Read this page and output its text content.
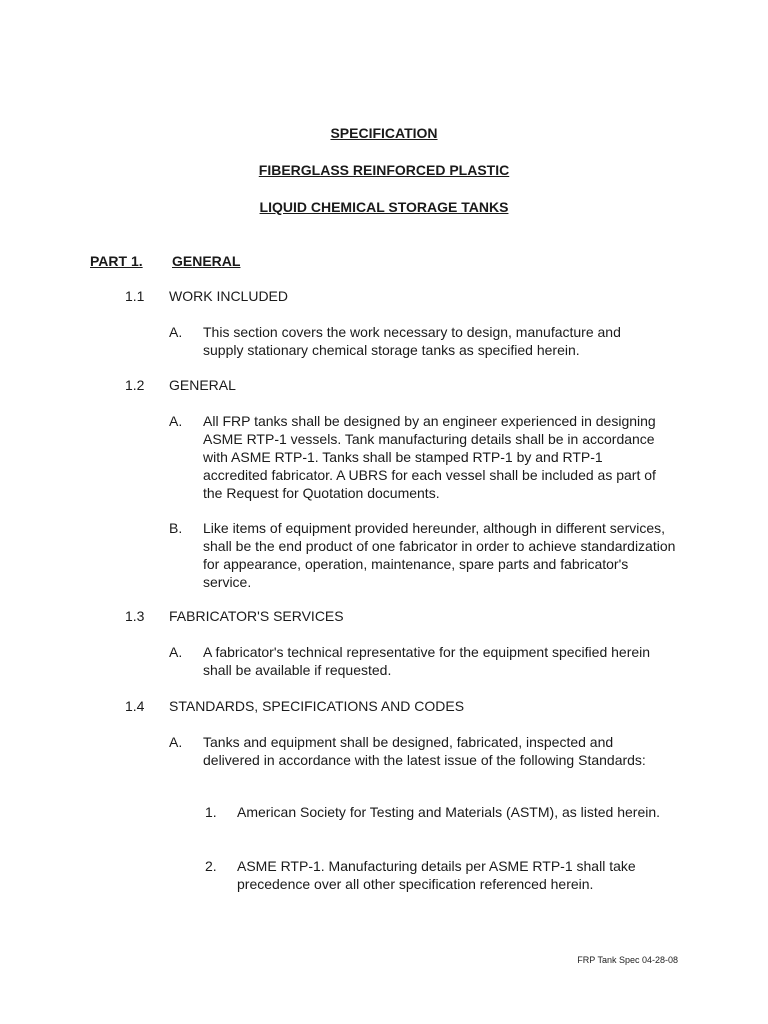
SPECIFICATION
FIBERGLASS REINFORCED PLASTIC
LIQUID CHEMICAL STORAGE TANKS
PART 1. GENERAL
1.1 WORK INCLUDED
A. This section covers the work necessary to design, manufacture and supply stationary chemical storage tanks as specified herein.
1.2 GENERAL
A. All FRP tanks shall be designed by an engineer experienced in designing ASME RTP-1 vessels. Tank manufacturing details shall be in accordance with ASME RTP-1. Tanks shall be stamped RTP-1 by and RTP-1 accredited fabricator. A UBRS for each vessel shall be included as part of the Request for Quotation documents.
B. Like items of equipment provided hereunder, although in different services, shall be the end product of one fabricator in order to achieve standardization for appearance, operation, maintenance, spare parts and fabricator's service.
1.3 FABRICATOR'S SERVICES
A. A fabricator's technical representative for the equipment specified herein shall be available if requested.
1.4 STANDARDS, SPECIFICATIONS AND CODES
A. Tanks and equipment shall be designed, fabricated, inspected and delivered in accordance with the latest issue of the following Standards:
1. American Society for Testing and Materials (ASTM), as listed herein.
2. ASME RTP-1. Manufacturing details per ASME RTP-1 shall take precedence over all other specification referenced herein.
FRP Tank Spec 04-28-08
